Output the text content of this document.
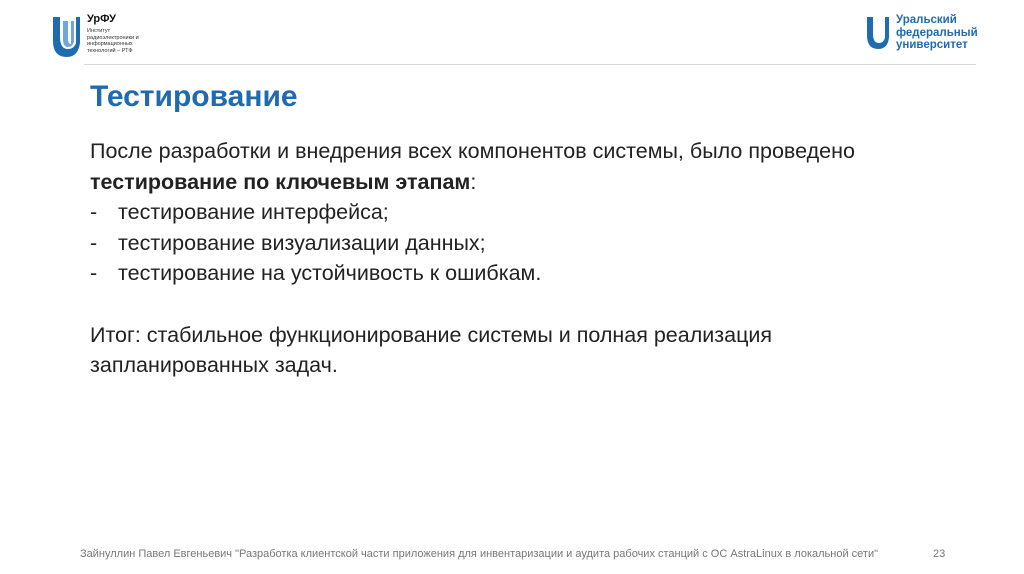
УрФУ
Институт радиоэлектроники и информационных технологий – РТФ
Уральский
федеральный
университет
Тестирование

После разработки и внедрения всех компонентов системы, было проведено тестирование по ключевым этапам:

- тестирование интерфейса;
- тестирование визуализации данных;
- тестирование на устойчивость к ошибкам.

Итог: стабильное функционирование системы и полная реализация запланированных задач.

Зайнуллин Павел Евгеньевич "Разработка клиентской части приложения для инвентаризации и аудита рабочих станций с ОС AstraLinux в локальной сети"	23
